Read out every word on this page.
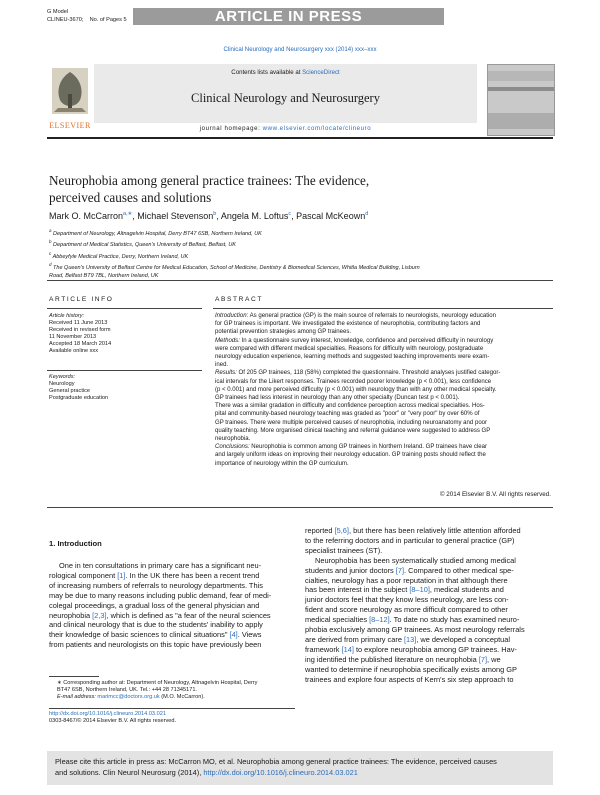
G Model
CLINEU-3670; No. of Pages 5	ARTICLE IN PRESS
Clinical Neurology and Neurosurgery xxx (2014) xxx–xxx
ELSEVIER
Contents lists available at ScienceDirect
Clinical Neurology and Neurosurgery
journal homepage: www.elsevier.com/locate/clineuro
Neurophobia among general practice trainees: The evidence,
perceived causes and solutions
Mark O. McCarron$^{a,∗}$, Michael Stevenson$^b$, Angela M. Loftus$^c$, Pascal McKeown$^d$
$^a$ Department of Neurology, Altnagelvin Hospital, Derry BT47 6SB, Northern Ireland, UK
$^b$ Department of Medical Statistics, Queen's University of Belfast, Belfast, UK
$^c$ Abbeyfyle Medical Practice, Derry, Northern Ireland, UK
$^d$ The Queen's University of Belfast Centre for Medical Education, School of Medicine, Dentistry & Biomedical Sciences, Whitla Medical Building, Lisburn
Road, Belfast BT9 7BL, Northern Ireland, UK
ARTICLE INFO
Article history:
Received 11 June 2013
Received in revised form
11 November 2013
Accepted 18 March 2014
Available online xxx
Keywords:
Neurology
General practice
Postgraduate education
ABSTRACT
Introduction: As general practice (GP) is the main source of referrals to neurologists, neurology education
for GP trainees is important. We investigated the existence of neurophobia, contributing factors and
potential prevention strategies among GP trainees.
Methods: In a questionnaire survey interest, knowledge, confidence and perceived difficulty in neurology
were compared with different medical specialties. Reasons for difficulty with neurology, postgraduate
neurology education experience, learning methods and suggested teaching improvements were exam-
ined.
Results: Of 205 GP trainees, 118 (58%) completed the questionnaire. Threshold analyses justified categor-
ical intervals for the Likert responses. Trainees recorded poorer knowledge (p < 0.001), less confidence
(p < 0.001) and more perceived difficulty (p < 0.001) with neurology than with any other medical specialty.
GP trainees had less interest in neurology than any other specialty (Duncan test p < 0.001).
There was a similar gradation in difficulty and confidence perception across medical specialties. Hos-
pital and community-based neurology teaching was graded as "poor" or "very poor" by over 60% of
GP trainees. There were multiple perceived causes of neurophobia, including neuroanatomy and poor
quality teaching. More organised clinical teaching and referral guidance were suggested to address GP
neurophobia.
Conclusions: Neurophobia is common among GP trainees in Northern Ireland. GP trainees have clear
and largely uniform ideas on improving their neurology education. GP training posts should reflect the
importance of neurology within the GP curriculum.
© 2014 Elsevier B.V. All rights reserved.
1. Introduction
One in ten consultations in primary care has a significant neu-
rological component [1]. In the UK there has been a recent trend
of increasing numbers of referrals to neurology departments. This
may be due to many reasons including public demand, fear of medi-
colegal proceedings, a gradual loss of the general physician and
neurophobia [2,3], which is defined as "a fear of the neural sciences
and clinical neurology that is due to the students' inability to apply
their knowledge of basic sciences to clinical situations" [4]. Views
from patients and neurologists on this topic have previously been
reported [5,6], but there has been relatively little attention afforded
to the referring doctors and in particular to general practice (GP)
specialist trainees (ST).
Neurophobia has been systematically studied among medical
students and junior doctors [7]. Compared to other medical spe-
cialties, neurology has a poor reputation in that although there
has been interest in the subject [8–10], medical students and
junior doctors feel that they know less neurology, are less con-
fident and score neurology as more difficult compared to other
medical specialties [8–12]. To date no study has examined neuro-
phobia exclusively among GP trainees. As most neurology referrals
are derived from primary care [13], we developed a conceptual
framework [14] to explore neurophobia among GP trainees. Hav-
ing identified the published literature on neurophobia [7], we
wanted to determine if neurophobia specifically exists among GP
trainees and explore four aspects of Kern's six step approach to
∗ Corresponding author at: Department of Neurology, Altnagelvin Hospital, Derry
BT47 6SB, Northern Ireland, UK. Tel.: +44 28 71345171.
E-mail address: marimcc@doctors.org.uk (M.O. McCarron).
http://dx.doi.org/10.1016/j.clineuro.2014.03.021
0303-8467/© 2014 Elsevier B.V. All rights reserved.
Please cite this article in press as: McCarron MO, et al. Neurophobia among general practice trainees: The evidence, perceived causes
and solutions. Clin Neurol Neurosurg (2014), http://dx.doi.org/10.1016/j.clineuro.2014.03.021
